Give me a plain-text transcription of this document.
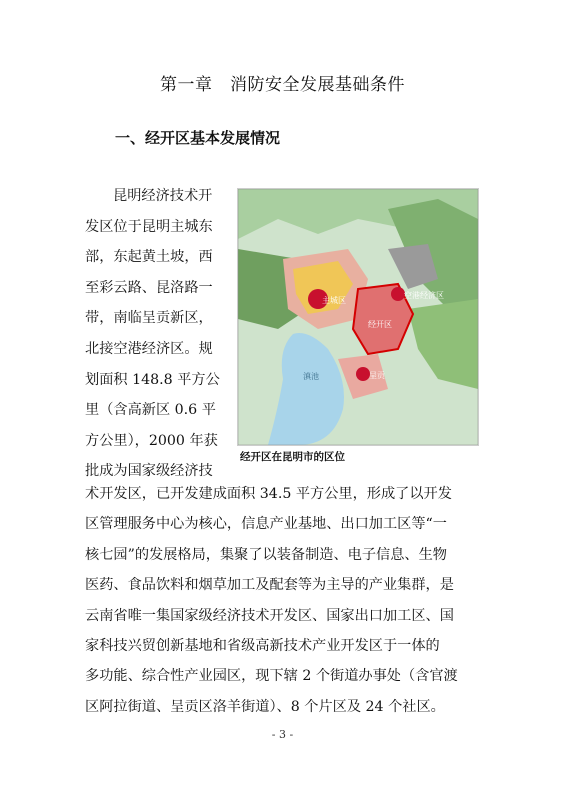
第一章　消防安全发展基础条件
一、经开区基本发展情况
昆明经济技术开
发区位于昆明主城东
部，东起黄土坡，西
至彩云路、昆洛路一
带，南临呈贡新区，
北接空港经济区。规
划面积 148.8 平方公
里（含高新区 0.6 平
方公里），2000 年获
批成为国家级经济技
主城区
空港经济区
经开区
呈贡
滇池
经开区在昆明市的区位
术开发区，已开发建成面积 34.5 平方公里，形成了以开发
区管理服务中心为核心，信息产业基地、出口加工区等“一
核七园”的发展格局，集聚了以装备制造、电子信息、生物
医药、食品饮料和烟草加工及配套等为主导的产业集群，是
云南省唯一集国家级经济技术开发区、国家出口加工区、国
家科技兴贸创新基地和省级高新技术产业开发区于一体的
多功能、综合性产业园区，现下辖 2 个街道办事处（含官渡
区阿拉街道、呈贡区洛羊街道）、8 个片区及 24 个社区。
- 3 -
